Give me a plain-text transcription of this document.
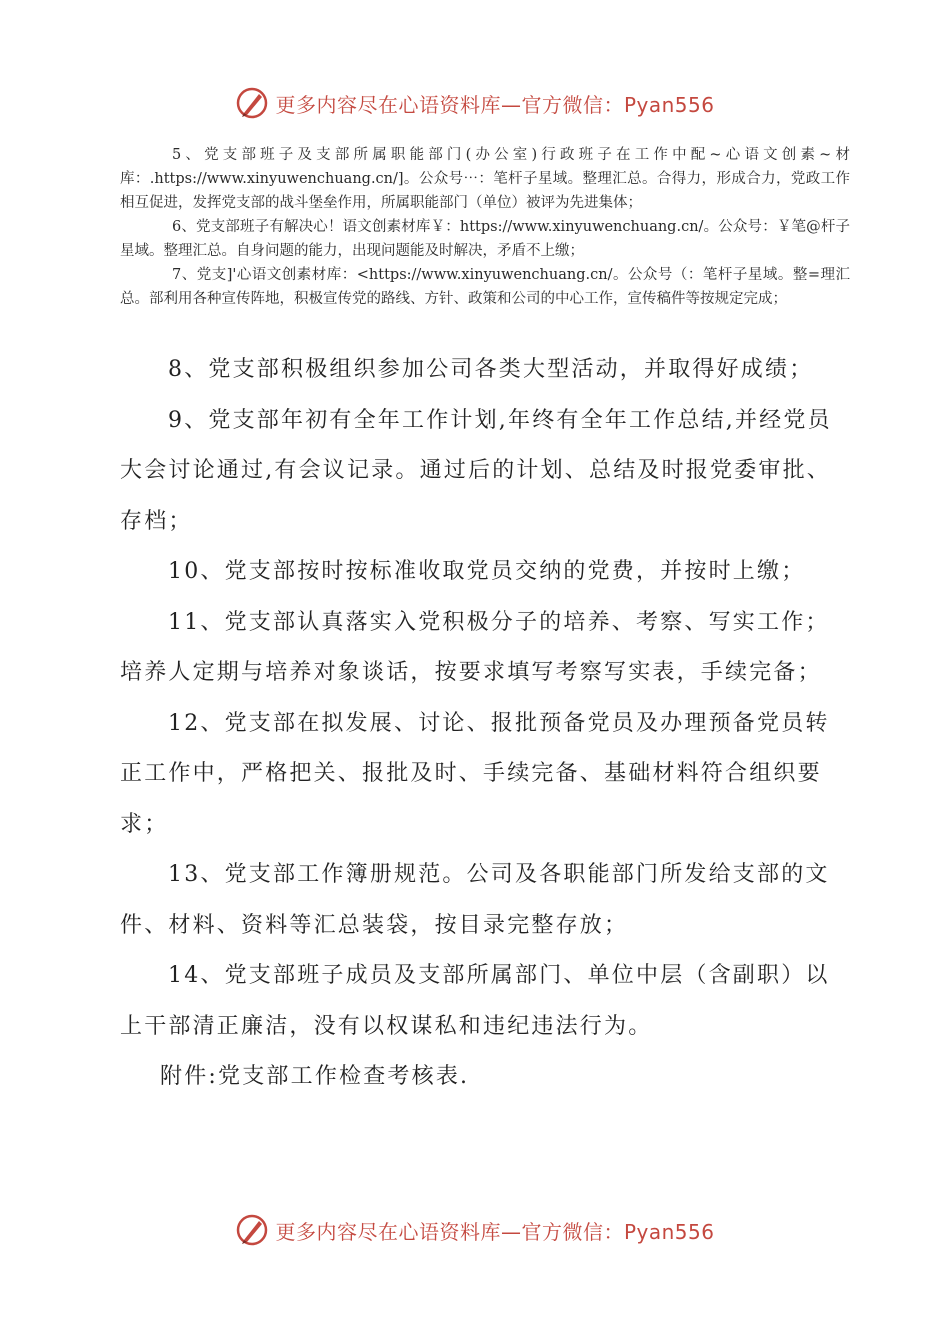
更多内容尽在心语资料库—官方微信：Pyan556

5、党支部班子及支部所属职能部门(办公室)行政班子在工作中配~心语文创素~材库：.https://www.xinyuwenchuang.cn/]。公众号⋯：笔杆子星域。整理汇总。合得力，形成合力，党政工作相互促进，发挥党支部的战斗堡垒作用，所属职能部门（单位）被评为先进集体；

6、党支部班子有解决心！语文创素材库￥：https://www.xinyuwenchuang.cn/。公众号：￥笔@杆子星域。整理汇总。自身问题的能力，出现问题能及时解决，矛盾不上缴；

7、党支]'心语文创素材库：<https://www.xinyuwenchuang.cn/。公众号（：笔杆子星域。整=理汇总。部利用各种宣传阵地，积极宣传党的路线、方针、政策和公司的中心工作，宣传稿件等按规定完成；

8、党支部积极组织参加公司各类大型活动，并取得好成绩；

9、党支部年初有全年工作计划,年终有全年工作总结,并经党员大会讨论通过,有会议记录。通过后的计划、总结及时报党委审批、存档；

10、党支部按时按标准收取党员交纳的党费，并按时上缴；

11、党支部认真落实入党积极分子的培养、考察、写实工作；培养人定期与培养对象谈话，按要求填写考察写实表，手续完备；

12、党支部在拟发展、讨论、报批预备党员及办理预备党员转正工作中，严格把关、报批及时、手续完备、基础材料符合组织要求；

13、党支部工作簿册规范。公司及各职能部门所发给支部的文件、材料、资料等汇总装袋，按目录完整存放；

14、党支部班子成员及支部所属部门、单位中层（含副职）以上干部清正廉洁，没有以权谋私和违纪违法行为。

附件:党支部工作检查考核表.

更多内容尽在心语资料库—官方微信：Pyan556
